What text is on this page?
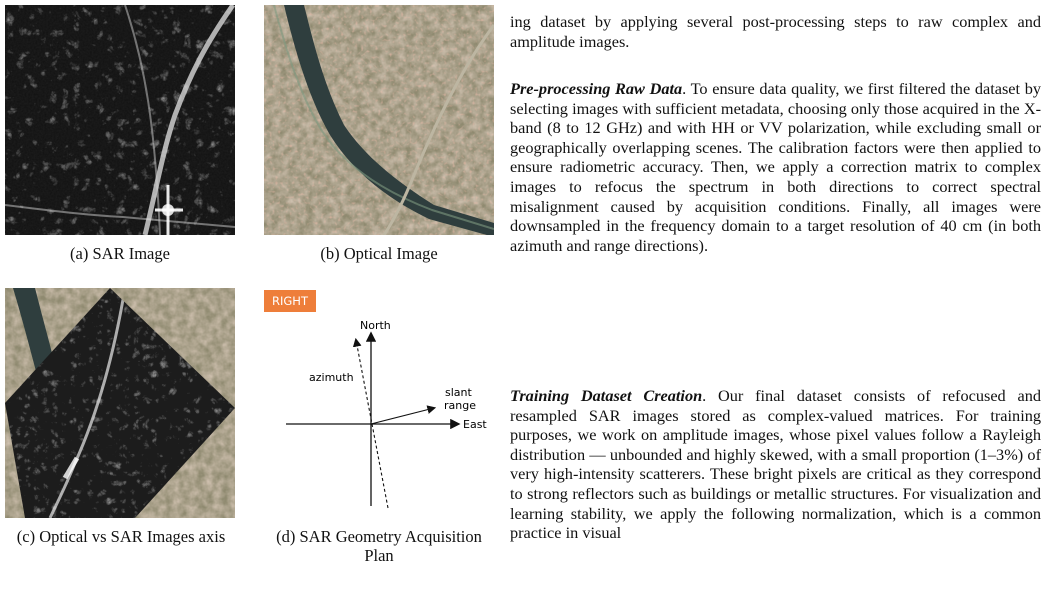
North
East
azimuth
slant
range
RIGHT
(a) SAR Image	(b) Optical Image
(c) Optical vs SAR Images axis	(d) SAR Geometry Acquisition Plan

ing dataset by applying several post-processing steps to raw complex and amplitude images.

Pre-processing Raw Data. To ensure data quality, we first filtered the dataset by selecting images with sufficient metadata, choosing only those acquired in the X-band (8 to 12 GHz) and with HH or VV polarization, while excluding small or geographically overlapping scenes. The calibration factors were then applied to ensure radiometric accuracy. Then, we apply a correction matrix to complex images to refocus the spectrum in both directions to correct spectral misalignment caused by acquisition conditions. Finally, all images were downsampled in the frequency domain to a target resolution of 40 cm (in both azimuth and range directions).

Training Dataset Creation. Our final dataset consists of refocused and resampled SAR images stored as complex-valued matrices. For training purposes, we work on amplitude images, whose pixel values follow a Rayleigh distribution — unbounded and highly skewed, with a small proportion (1–3%) of very high-intensity scatterers. These bright pixels are critical as they correspond to strong reflectors such as buildings or metallic structures. For visualization and learning stability, we apply the following normalization, which is a common practice in visual
